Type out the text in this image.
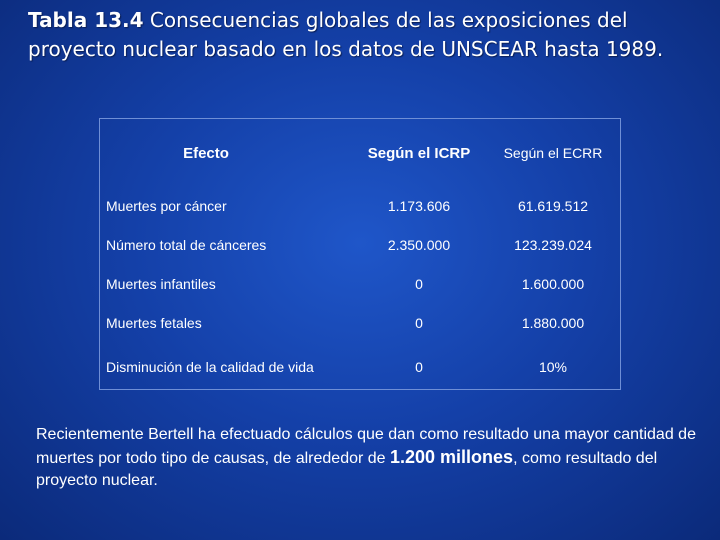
Tabla 13.4 Consecuencias globales de las exposiciones del proyecto nuclear basado en los datos de UNSCEAR hasta 1989.
Efecto	Según el ICRP	Según el ECRR
Muertes por cáncer	1.173.606	61.619.512
Número total de cánceres	2.350.000	123.239.024
Muertes infantiles	0	1.600.000
Muertes fetales	0	1.880.000
Disminución de la calidad de vida	0	10%
Recientemente Bertell ha efectuado cálculos que dan como resultado una mayor cantidad de muertes por todo tipo de causas, de alrededor de 1.200 millones, como resultado del proyecto nuclear.
